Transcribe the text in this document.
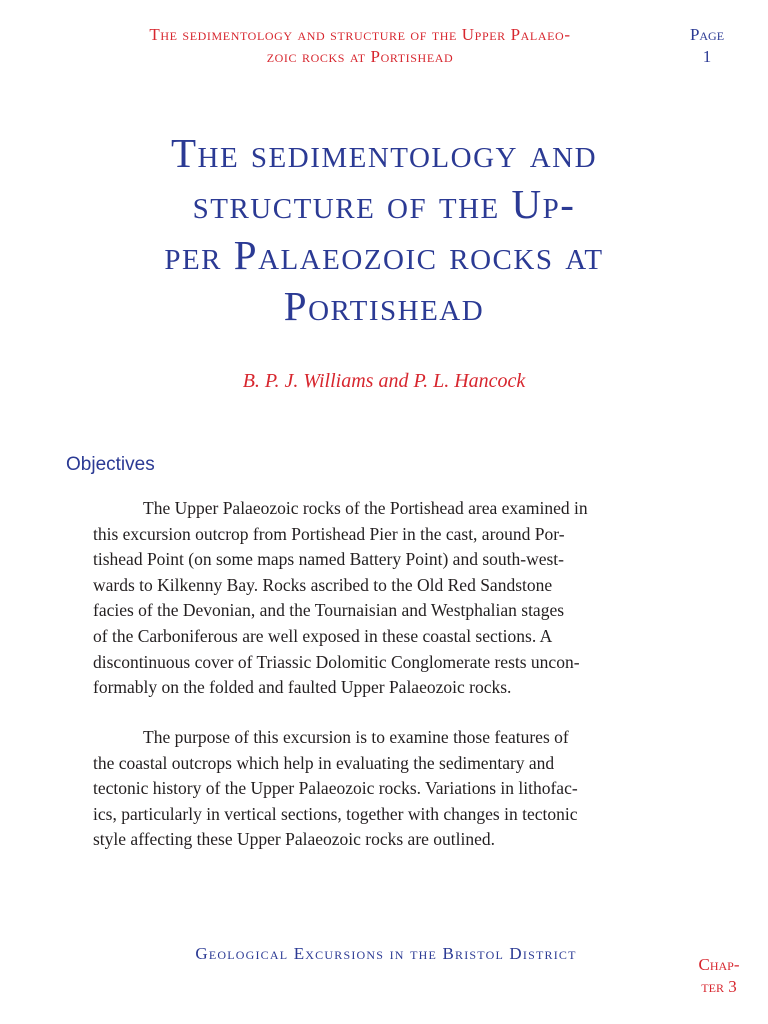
The sedimentology and structure of the Upper Palaeo-
zoic rocks at Portishead
Page
1
The sedimentology and
structure of the Up-
per Palaeozoic rocks at
Portishead

B. P. J. Williams and P. L. Hancock

Objectives

The Upper Palaeozoic rocks of the Portishead area examined in
this excursion outcrop from Portishead Pier in the cast, around Por-
tishead Point (on some maps named Battery Point) and south-west-
wards to Kilkenny Bay. Rocks ascribed to the Old Red Sandstone
facies of the Devonian, and the Tournaisian and Westphalian stages
of the Carboniferous are well exposed in these coastal sections. A
discontinuous cover of Triassic Dolomitic Conglomerate rests uncon-
formably on the folded and faulted Upper Palaeozoic rocks.

The purpose of this excursion is to examine those features of
the coastal outcrops which help in evaluating the sedimentary and
tectonic history of the Upper Palaeozoic rocks. Variations in lithofac-
ics, particularly in vertical sections, together with changes in tectonic
style affecting these Upper Palaeozoic rocks are outlined.

Geological Excursions in the Bristol District
Chap-
ter 3
